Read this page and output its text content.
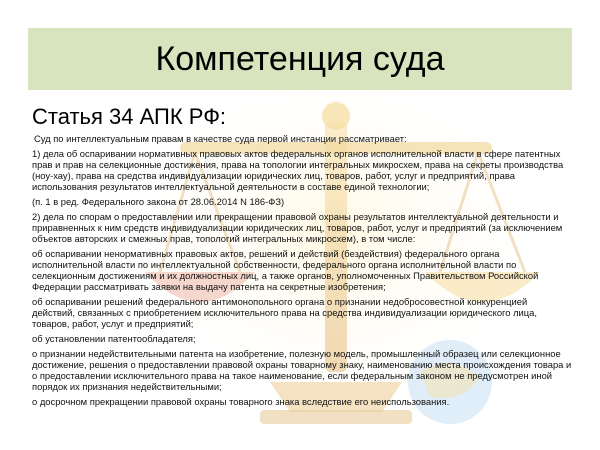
Компетенция суда
Статья 34 АПК РФ:

Суд по интеллектуальным правам в качестве суда первой инстанции рассматривает:

1) дела об оспаривании нормативных правовых актов федеральных органов исполнительной власти в сфере патентных прав и прав на селекционные достижения, права на топологии интегральных микросхем, права на секреты производства (ноу-хау), права на средства индивидуализации юридических лиц, товаров, работ, услуг и предприятий, права использования результатов интеллектуальной деятельности в составе единой технологии;

(п. 1 в ред. Федерального закона от 28.06.2014 N 186-ФЗ)

2) дела по спорам о предоставлении или прекращении правовой охраны результатов интеллектуальной деятельности и приравненных к ним средств индивидуализации юридических лиц, товаров, работ, услуг и предприятий (за исключением объектов авторских и смежных прав, топологий интегральных микросхем), в том числе:

об оспаривании ненормативных правовых актов, решений и действий (бездействия) федерального органа исполнительной власти по интеллектуальной собственности, федерального органа исполнительной власти по селекционным достижениям и их должностных лиц, а также органов, уполномоченных Правительством Российской Федерации рассматривать заявки на выдачу патента на секретные изобретения;

об оспаривании решений федерального антимонопольного органа о признании недобросовестной конкуренцией действий, связанных с приобретением исключительного права на средства индивидуализации юридического лица, товаров, работ, услуг и предприятий;

об установлении патентообладателя;

о признании недействительными патента на изобретение, полезную модель, промышленный образец или селекционное достижение, решения о предоставлении правовой охраны товарному знаку, наименованию места происхождения товара и о предоставлении исключительного права на такое наименование, если федеральным законом не предусмотрен иной порядок их признания недействительными;

о досрочном прекращении правовой охраны товарного знака вследствие его неиспользования.
